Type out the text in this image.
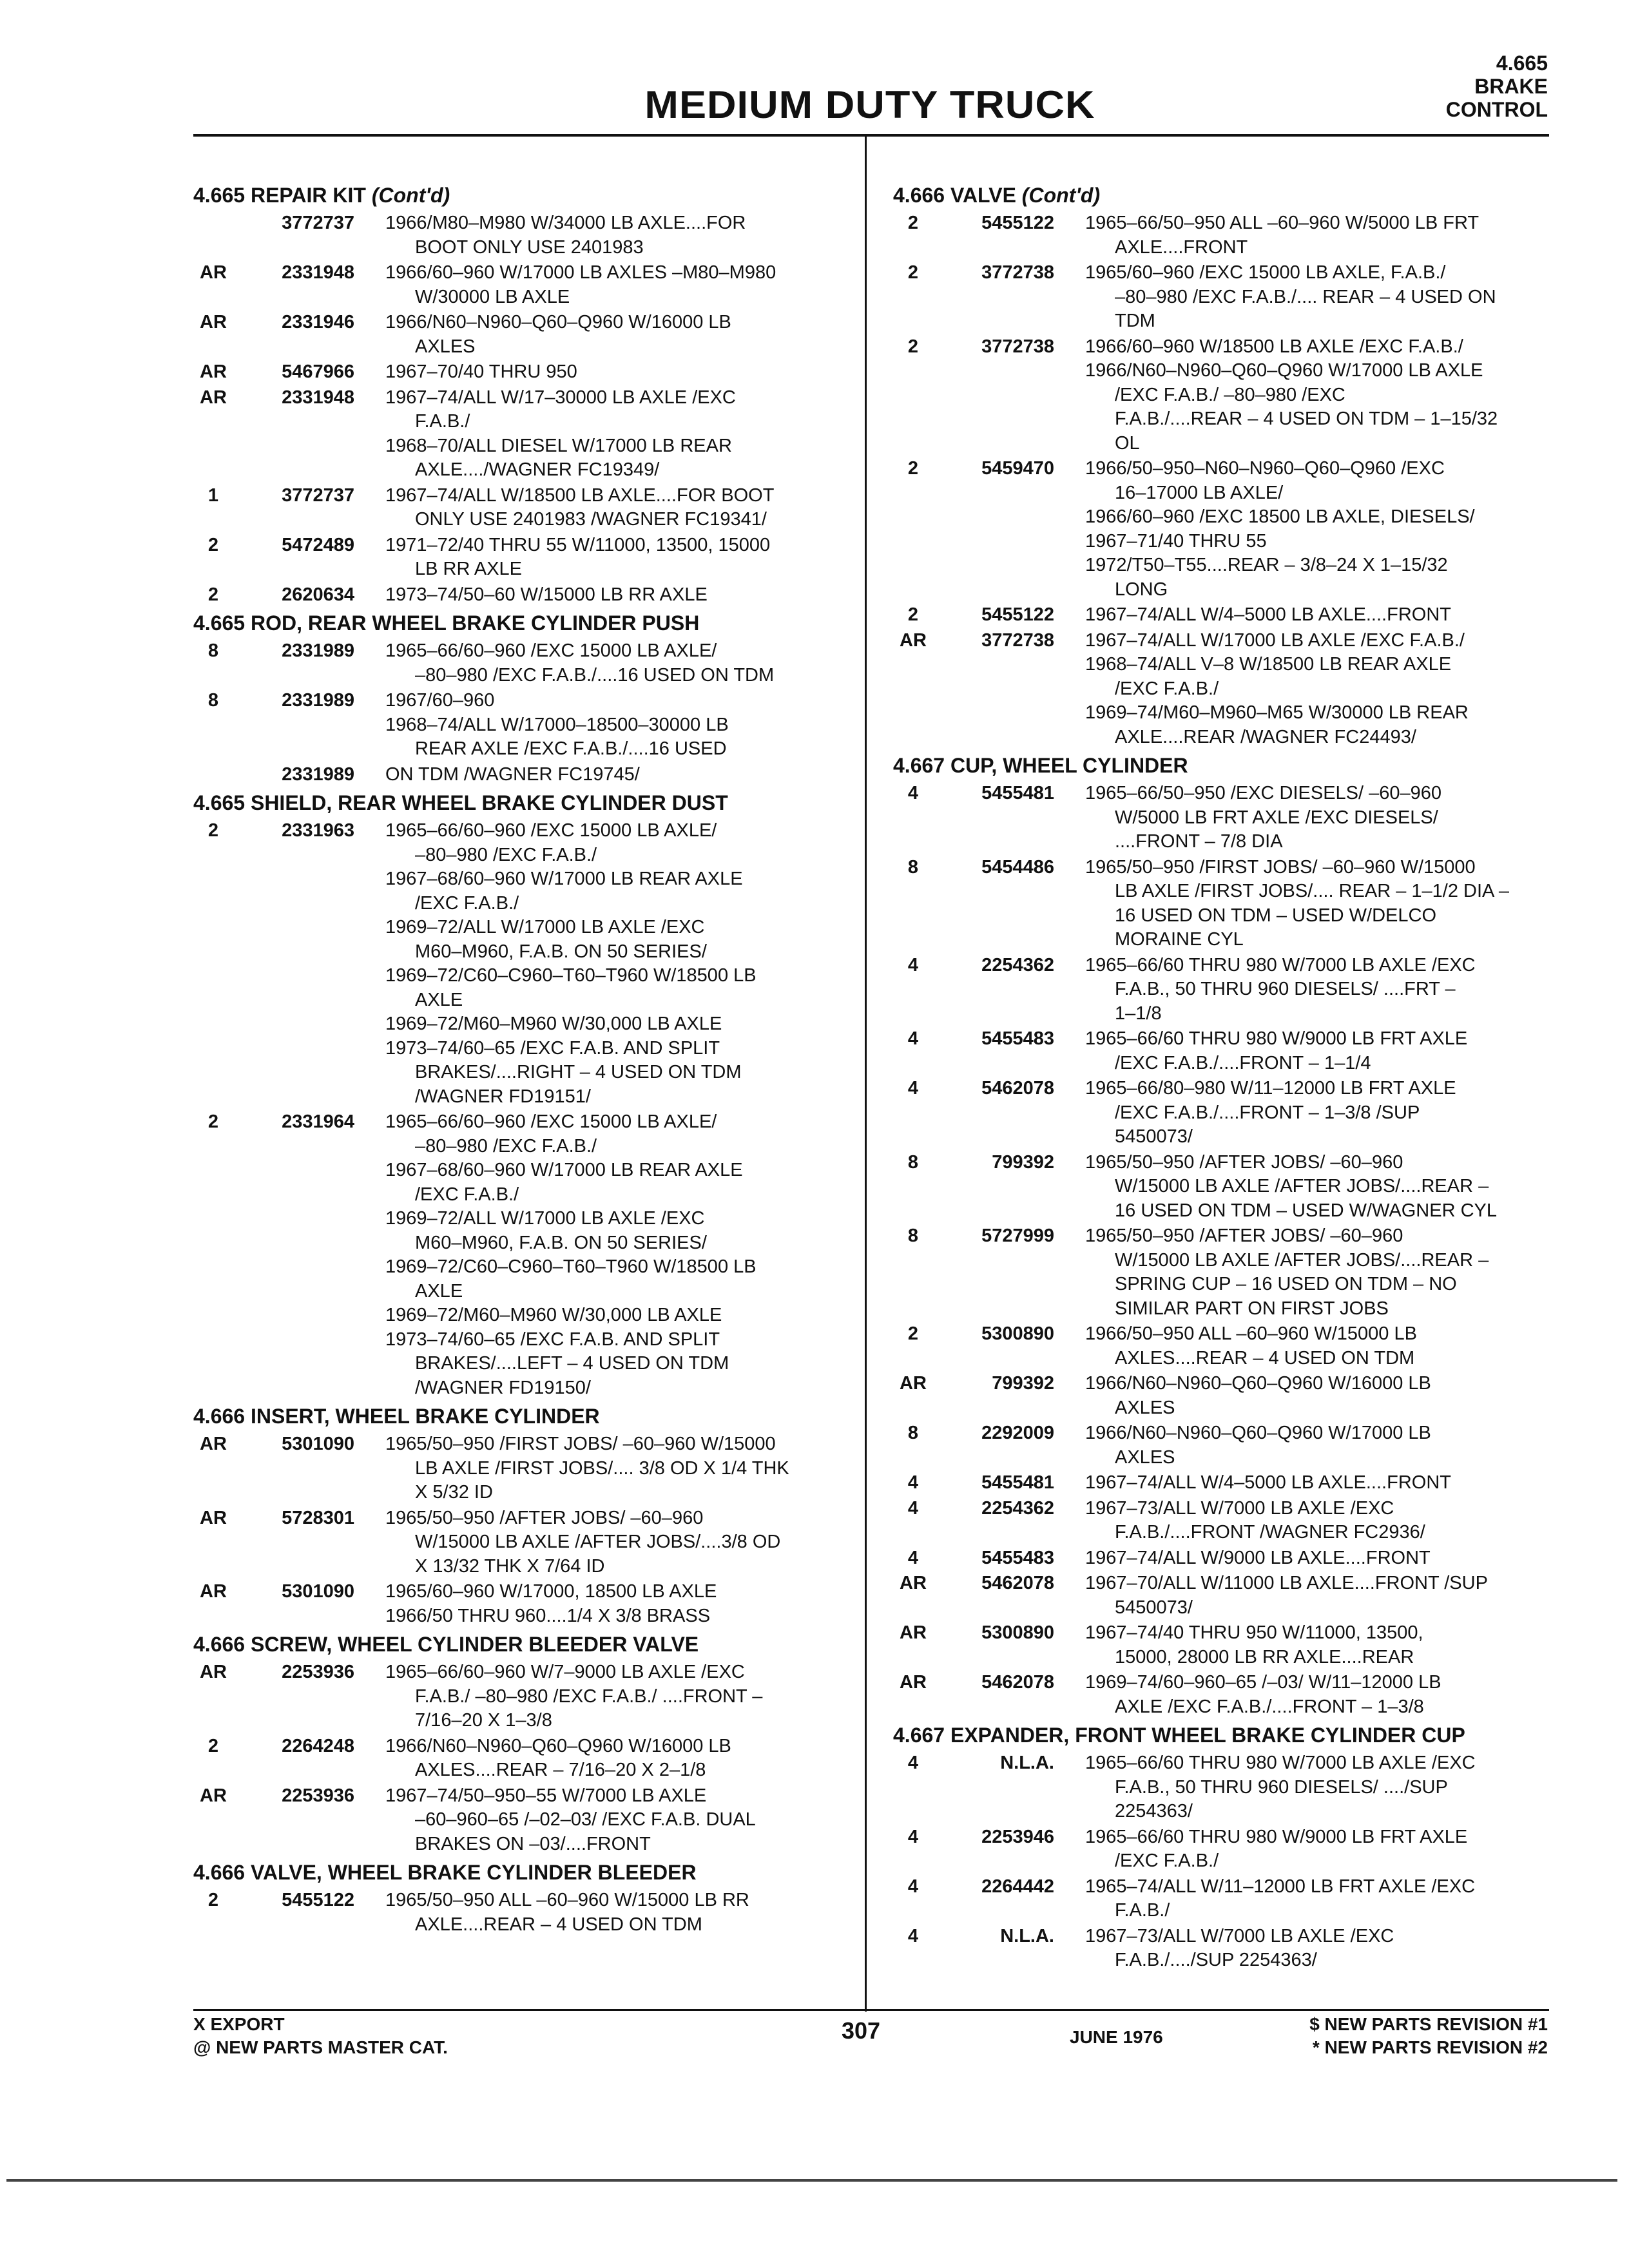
MEDIUM DUTY TRUCK
4.665
BRAKE
CONTROL
4.665 REPAIR KIT (Cont'd)
3772737	1966/M80–M980 W/34000 LB AXLE....FOR
BOOT ONLY USE 2401983
AR	2331948	1966/60–960 W/17000 LB AXLES –M80–M980
W/30000 LB AXLE
AR	2331946	1966/N60–N960–Q60–Q960 W/16000 LB
AXLES
AR	5467966	1967–70/40 THRU 950
AR	2331948	1967–74/ALL W/17–30000 LB AXLE /EXC
F.A.B./
1968–70/ALL DIESEL W/17000 LB REAR
AXLE..../WAGNER FC19349/
1	3772737	1967–74/ALL W/18500 LB AXLE....FOR BOOT
ONLY USE 2401983 /WAGNER FC19341/
2	5472489	1971–72/40 THRU 55 W/11000, 13500, 15000
LB RR AXLE
2	2620634	1973–74/50–60 W/15000 LB RR AXLE
4.665 ROD, REAR WHEEL BRAKE CYLINDER PUSH
8	2331989	1965–66/60–960 /EXC 15000 LB AXLE/
–80–980 /EXC F.A.B./....16 USED ON TDM
8	2331989	1967/60–960
1968–74/ALL W/17000–18500–30000 LB
REAR AXLE /EXC F.A.B./....16 USED
2331989	ON TDM /WAGNER FC19745/
4.665 SHIELD, REAR WHEEL BRAKE CYLINDER DUST
2	2331963	1965–66/60–960 /EXC 15000 LB AXLE/
–80–980 /EXC F.A.B./
1967–68/60–960 W/17000 LB REAR AXLE
/EXC F.A.B./
1969–72/ALL W/17000 LB AXLE /EXC
M60–M960, F.A.B. ON 50 SERIES/
1969–72/C60–C960–T60–T960 W/18500 LB
AXLE
1969–72/M60–M960 W/30,000 LB AXLE
1973–74/60–65 /EXC F.A.B. AND SPLIT
BRAKES/....RIGHT – 4 USED ON TDM
/WAGNER FD19151/
2	2331964	1965–66/60–960 /EXC 15000 LB AXLE/
–80–980 /EXC F.A.B./
1967–68/60–960 W/17000 LB REAR AXLE
/EXC F.A.B./
1969–72/ALL W/17000 LB AXLE /EXC
M60–M960, F.A.B. ON 50 SERIES/
1969–72/C60–C960–T60–T960 W/18500 LB
AXLE
1969–72/M60–M960 W/30,000 LB AXLE
1973–74/60–65 /EXC F.A.B. AND SPLIT
BRAKES/....LEFT – 4 USED ON TDM
/WAGNER FD19150/
4.666 INSERT, WHEEL BRAKE CYLINDER
AR	5301090	1965/50–950 /FIRST JOBS/ –60–960 W/15000
LB AXLE /FIRST JOBS/.... 3/8 OD X 1/4 THK
X 5/32 ID
AR	5728301	1965/50–950 /AFTER JOBS/ –60–960
W/15000 LB AXLE /AFTER JOBS/....3/8 OD
X 13/32 THK X 7/64 ID
AR	5301090	1965/60–960 W/17000, 18500 LB AXLE
1966/50 THRU 960....1/4 X 3/8 BRASS
4.666 SCREW, WHEEL CYLINDER BLEEDER VALVE
AR	2253936	1965–66/60–960 W/7–9000 LB AXLE /EXC
F.A.B./ –80–980 /EXC F.A.B./ ....FRONT –
7/16–20 X 1–3/8
2	2264248	1966/N60–N960–Q60–Q960 W/16000 LB
AXLES....REAR – 7/16–20 X 2–1/8
AR	2253936	1967–74/50–950–55 W/7000 LB AXLE
–60–960–65 /–02–03/ /EXC F.A.B. DUAL
BRAKES ON –03/....FRONT
4.666 VALVE, WHEEL BRAKE CYLINDER BLEEDER
2	5455122	1965/50–950 ALL –60–960 W/15000 LB RR
AXLE....REAR – 4 USED ON TDM
4.666 VALVE (Cont'd)
2	5455122	1965–66/50–950 ALL –60–960 W/5000 LB FRT
AXLE....FRONT
2	3772738	1965/60–960 /EXC 15000 LB AXLE, F.A.B./
–80–980 /EXC F.A.B./.... REAR – 4 USED ON
TDM
2	3772738	1966/60–960 W/18500 LB AXLE /EXC F.A.B./
1966/N60–N960–Q60–Q960 W/17000 LB AXLE
/EXC F.A.B./ –80–980 /EXC
F.A.B./....REAR – 4 USED ON TDM – 1–15/32
OL
2	5459470	1966/50–950–N60–N960–Q60–Q960 /EXC
16–17000 LB AXLE/
1966/60–960 /EXC 18500 LB AXLE, DIESELS/
1967–71/40 THRU 55
1972/T50–T55....REAR – 3/8–24 X 1–15/32
LONG
2	5455122	1967–74/ALL W/4–5000 LB AXLE....FRONT
AR	3772738	1967–74/ALL W/17000 LB AXLE /EXC F.A.B./
1968–74/ALL V–8 W/18500 LB REAR AXLE
/EXC F.A.B./
1969–74/M60–M960–M65 W/30000 LB REAR
AXLE....REAR /WAGNER FC24493/
4.667 CUP, WHEEL CYLINDER
4	5455481	1965–66/50–950 /EXC DIESELS/ –60–960
W/5000 LB FRT AXLE /EXC DIESELS/
....FRONT – 7/8 DIA
8	5454486	1965/50–950 /FIRST JOBS/ –60–960 W/15000
LB AXLE /FIRST JOBS/.... REAR – 1–1/2 DIA –
16 USED ON TDM – USED W/DELCO
MORAINE CYL
4	2254362	1965–66/60 THRU 980 W/7000 LB AXLE /EXC
F.A.B., 50 THRU 960 DIESELS/ ....FRT –
1–1/8
4	5455483	1965–66/60 THRU 980 W/9000 LB FRT AXLE
/EXC F.A.B./....FRONT – 1–1/4
4	5462078	1965–66/80–980 W/11–12000 LB FRT AXLE
/EXC F.A.B./....FRONT – 1–3/8 /SUP
5450073/
8	799392	1965/50–950 /AFTER JOBS/ –60–960
W/15000 LB AXLE /AFTER JOBS/....REAR –
16 USED ON TDM – USED W/WAGNER CYL
8	5727999	1965/50–950 /AFTER JOBS/ –60–960
W/15000 LB AXLE /AFTER JOBS/....REAR –
SPRING CUP – 16 USED ON TDM – NO
SIMILAR PART ON FIRST JOBS
2	5300890	1966/50–950 ALL –60–960 W/15000 LB
AXLES....REAR – 4 USED ON TDM
AR	799392	1966/N60–N960–Q60–Q960 W/16000 LB
AXLES
8	2292009	1966/N60–N960–Q60–Q960 W/17000 LB
AXLES
4	5455481	1967–74/ALL W/4–5000 LB AXLE....FRONT
4	2254362	1967–73/ALL W/7000 LB AXLE /EXC
F.A.B./....FRONT /WAGNER FC2936/
4	5455483	1967–74/ALL W/9000 LB AXLE....FRONT
AR	5462078	1967–70/ALL W/11000 LB AXLE....FRONT /SUP
5450073/
AR	5300890	1967–74/40 THRU 950 W/11000, 13500,
15000, 28000 LB RR AXLE....REAR
AR	5462078	1969–74/60–960–65 /–03/ W/11–12000 LB
AXLE /EXC F.A.B./....FRONT – 1–3/8
4.667 EXPANDER, FRONT WHEEL BRAKE CYLINDER CUP
4	N.L.A.	1965–66/60 THRU 980 W/7000 LB AXLE /EXC
F.A.B., 50 THRU 960 DIESELS/ ..../SUP
2254363/
4	2253946	1965–66/60 THRU 980 W/9000 LB FRT AXLE
/EXC F.A.B./
4	2264442	1965–74/ALL W/11–12000 LB FRT AXLE /EXC
F.A.B./
4	N.L.A.	1967–73/ALL W/7000 LB AXLE /EXC
F.A.B./..../SUP 2254363/
X EXPORT
@ NEW PARTS MASTER CAT.
307	JUNE 1976
$ NEW PARTS REVISION #1
* NEW PARTS REVISION #2
